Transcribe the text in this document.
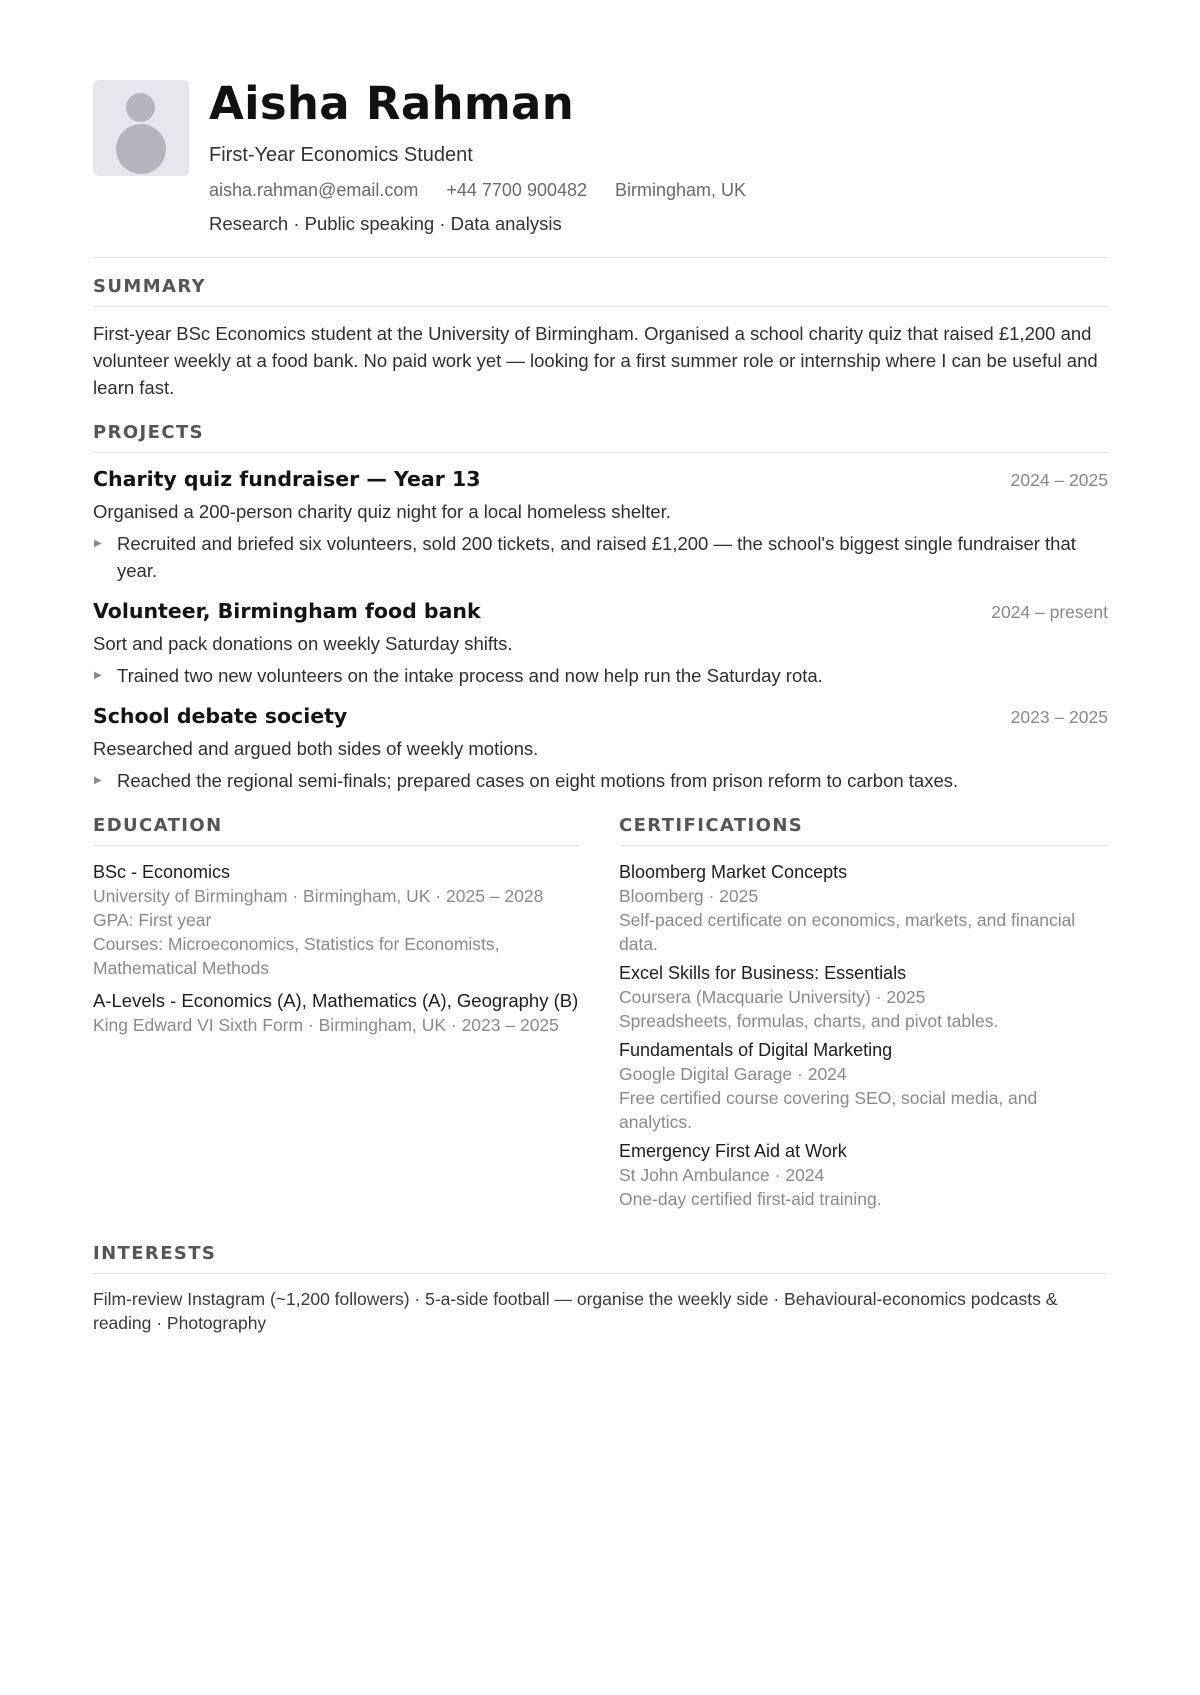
Aisha Rahman
First-Year Economics Student
aisha.rahman@email.com +44 7700 900482 Birmingham, UK
Research · Public speaking · Data analysis
SUMMARY
First-year BSc Economics student at the University of Birmingham. Organised a school charity quiz that raised £1,200 and volunteer weekly at a food bank. No paid work yet — looking for a first summer role or internship where I can be useful and learn fast.
PROJECTS
Charity quiz fundraiser — Year 13	2024 – 2025
Organised a 200-person charity quiz night for a local homeless shelter.
▶ Recruited and briefed six volunteers, sold 200 tickets, and raised £1,200 — the school's biggest single fundraiser that year.
Volunteer, Birmingham food bank	2024 – present
Sort and pack donations on weekly Saturday shifts.
▶ Trained two new volunteers on the intake process and now help run the Saturday rota.
School debate society	2023 – 2025
Researched and argued both sides of weekly motions.
▶ Reached the regional semi-finals; prepared cases on eight motions from prison reform to carbon taxes.
EDUCATION
BSc - Economics
University of Birmingham · Birmingham, UK · 2025 – 2028
GPA: First year
Courses: Microeconomics, Statistics for Economists, Mathematical Methods
A-Levels - Economics (A), Mathematics (A), Geography (B)
King Edward VI Sixth Form · Birmingham, UK · 2023 – 2025
CERTIFICATIONS
Bloomberg Market Concepts
Bloomberg · 2025
Self-paced certificate on economics, markets, and financial data.
Excel Skills for Business: Essentials
Coursera (Macquarie University) · 2025
Spreadsheets, formulas, charts, and pivot tables.
Fundamentals of Digital Marketing
Google Digital Garage · 2024
Free certified course covering SEO, social media, and analytics.
Emergency First Aid at Work
St John Ambulance · 2024
One-day certified first-aid training.
INTERESTS
Film-review Instagram (~1,200 followers) · 5-a-side football — organise the weekly side · Behavioural-economics podcasts & reading · Photography
